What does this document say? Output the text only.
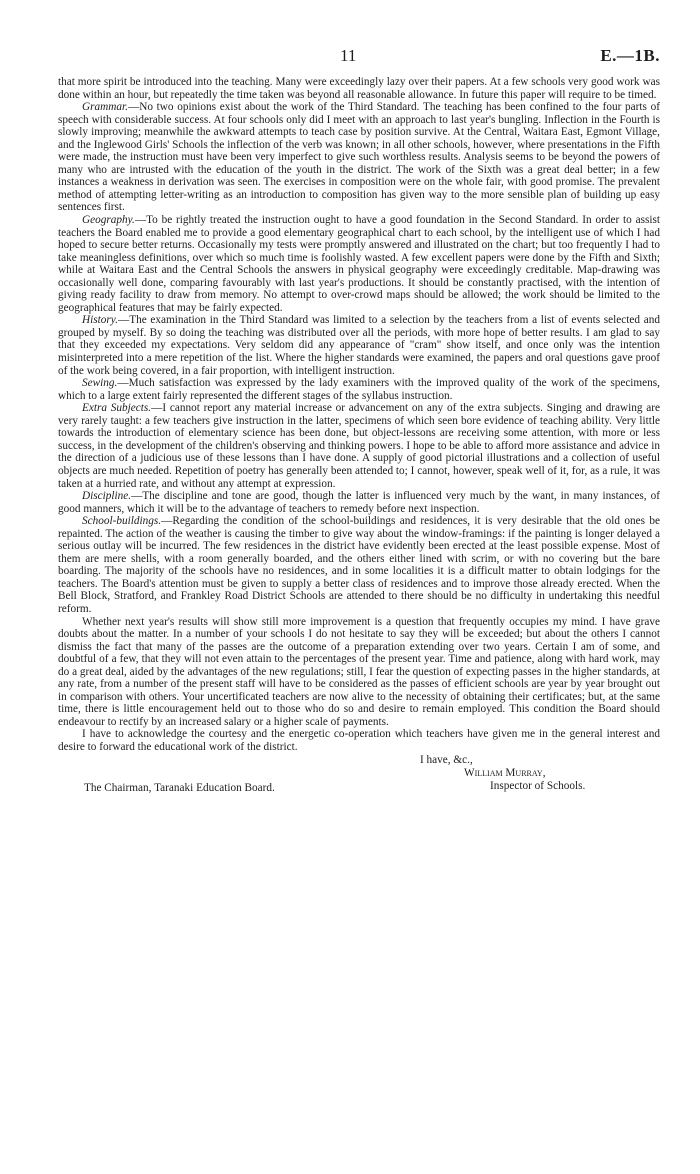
11	E.—1B.

that more spirit be introduced into the teaching. Many were exceedingly lazy over their papers. At a few schools very good work was done within an hour, but repeatedly the time taken was beyond all reasonable allowance. In future this paper will require to be timed.

Grammar.—No two opinions exist about the work of the Third Standard. The teaching has been confined to the four parts of speech with considerable success. At four schools only did I meet with an approach to last year's bungling. Inflection in the Fourth is slowly improving; meanwhile the awkward attempts to teach case by position survive. At the Central, Waitara East, Egmont Village, and the Inglewood Girls' Schools the inflection of the verb was known; in all other schools, however, where presentations in the Fifth were made, the instruction must have been very imperfect to give such worthless results. Analysis seems to be beyond the powers of many who are intrusted with the education of the youth in the district. The work of the Sixth was a great deal better; in a few instances a weakness in derivation was seen. The exercises in composition were on the whole fair, with good promise. The prevalent method of attempting letter-writing as an introduction to composition has given way to the more sensible plan of building up easy sentences first.

Geography.—To be rightly treated the instruction ought to have a good foundation in the Second Standard. In order to assist teachers the Board enabled me to provide a good elementary geographical chart to each school, by the intelligent use of which I had hoped to secure better returns. Occasionally my tests were promptly answered and illustrated on the chart; but too frequently I had to take meaningless definitions, over which so much time is foolishly wasted. A few excellent papers were done by the Fifth and Sixth; while at Waitara East and the Central Schools the answers in physical geography were exceedingly creditable. Map-drawing was occasionally well done, comparing favourably with last year's productions. It should be constantly practised, with the intention of giving ready facility to draw from memory. No attempt to over-crowd maps should be allowed; the work should be limited to the geographical features that may be fairly expected.

History.—The examination in the Third Standard was limited to a selection by the teachers from a list of events selected and grouped by myself. By so doing the teaching was distributed over all the periods, with more hope of better results. I am glad to say that they exceeded my expectations. Very seldom did any appearance of "cram" show itself, and once only was the intention misinterpreted into a mere repetition of the list. Where the higher standards were examined, the papers and oral questions gave proof of the work being covered, in a fair proportion, with intelligent instruction.

Sewing.—Much satisfaction was expressed by the lady examiners with the improved quality of the work of the specimens, which to a large extent fairly represented the different stages of the syllabus instruction.

Extra Subjects.—I cannot report any material increase or advancement on any of the extra subjects. Singing and drawing are very rarely taught: a few teachers give instruction in the latter, specimens of which seen bore evidence of teaching ability. Very little towards the introduction of elementary science has been done, but object-lessons are receiving some attention, with more or less success, in the development of the children's observing and thinking powers. I hope to be able to afford more assistance and advice in the direction of a judicious use of these lessons than I have done. A supply of good pictorial illustrations and a collection of useful objects are much needed. Repetition of poetry has generally been attended to; I cannot, however, speak well of it, for, as a rule, it was taken at a hurried rate, and without any attempt at expression.

Discipline.—The discipline and tone are good, though the latter is influenced very much by the want, in many instances, of good manners, which it will be to the advantage of teachers to remedy before next inspection.

School-buildings.—Regarding the condition of the school-buildings and residences, it is very desirable that the old ones be repainted. The action of the weather is causing the timber to give way about the window-framings: if the painting is longer delayed a serious outlay will be incurred. The few residences in the district have evidently been erected at the least possible expense. Most of them are mere shells, with a room generally boarded, and the others either lined with scrim, or with no covering but the bare boarding. The majority of the schools have no residences, and in some localities it is a difficult matter to obtain lodgings for the teachers. The Board's attention must be given to supply a better class of residences and to improve those already erected. When the Bell Block, Stratford, and Frankley Road District Schools are attended to there should be no difficulty in undertaking this needful reform.

Whether next year's results will show still more improvement is a question that frequently occupies my mind. I have grave doubts about the matter. In a number of your schools I do not hesitate to say they will be exceeded; but about the others I cannot dismiss the fact that many of the passes are the outcome of a preparation extending over two years. Certain I am of some, and doubtful of a few, that they will not even attain to the percentages of the present year. Time and patience, along with hard work, may do a great deal, aided by the advantages of the new regulations; still, I fear the question of expecting passes in the higher standards, at any rate, from a number of the present staff will have to be considered as the passes of efficient schools are year by year brought out in comparison with others. Your uncertificated teachers are now alive to the necessity of obtaining their certificates; but, at the same time, there is little encouragement held out to those who do so and desire to remain employed. This condition the Board should endeavour to rectify by an increased salary or a higher scale of payments.

I have to acknowledge the courtesy and the energetic co-operation which teachers have given me in the general interest and desire to forward the educational work of the district.

I have, &c.,
William Murray,
Inspector of Schools.
The Chairman, Taranaki Education Board.
